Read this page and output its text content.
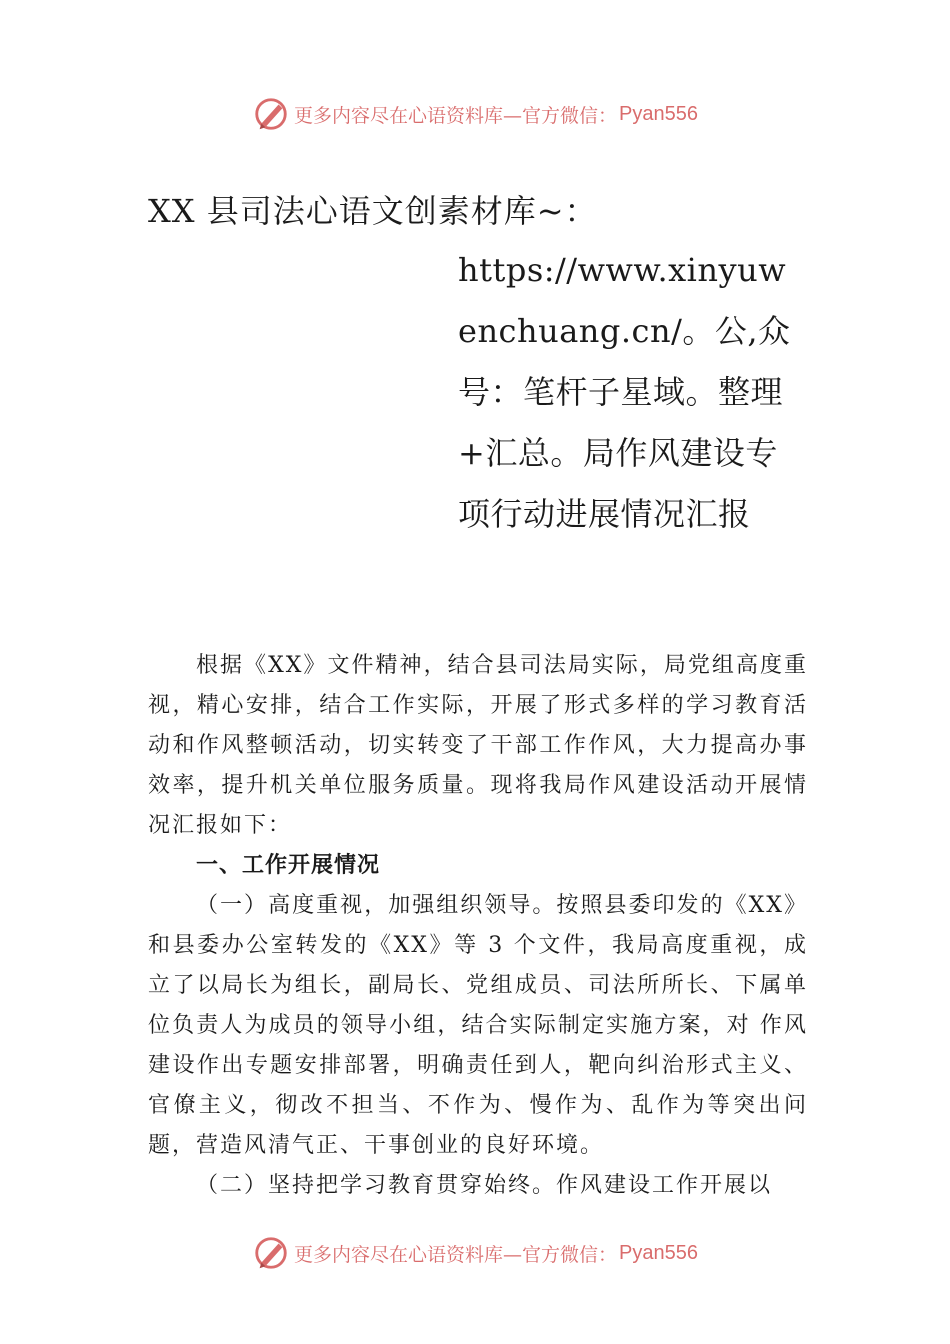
更多内容尽在心语资料库—官方微信： Pyan556
XX 县司法心语文创素材库~：
https://www.xinyuwenchuang.cn/。公,众号：笔杆子星域。整理+汇总。局作风建设专项行动进展情况汇报

根据《XX》文件精神，结合县司法局实际，局党组高度重视，精心安排，结合工作实际，开展了形式多样的学习教育活动和作风整顿活动，切实转变了干部工作作风，大力提高办事效率，提升机关单位服务质量。现将我局作风建设活动开展情况汇报如下：

一、工作开展情况

（一）高度重视，加强组织领导。按照县委印发的《XX》和县委办公室转发的《XX》等 3 个文件，我局高度重视，成立了以局长为组长，副局长、党组成员、司法所所长、下属单位负责人为成员的领导小组，结合实际制定实施方案，对 作风建设作出专题安排部署，明确责任到人，靶向纠治形式主义、官僚主义，彻改不担当、不作为、慢作为、乱作为等突出问题，营造风清气正、干事创业的良好环境。

（二）坚持把学习教育贯穿始终。作风建设工作开展以

更多内容尽在心语资料库—官方微信： Pyan556
